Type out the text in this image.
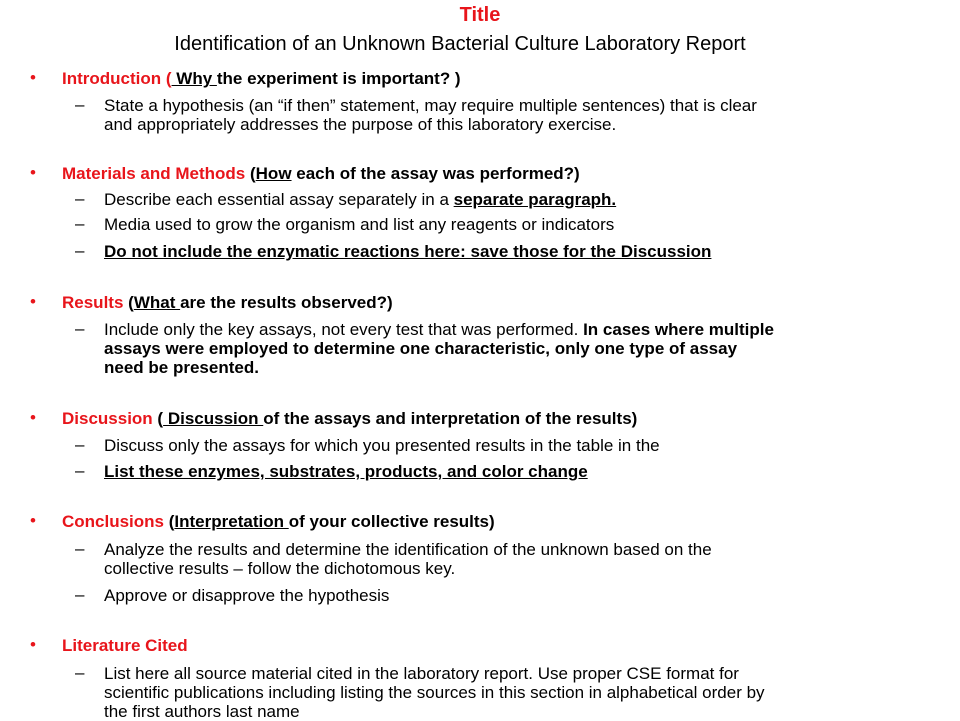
Title
Identification of an Unknown Bacterial Culture Laboratory Report
• Introduction ( Why the experiment is important? )
– State a hypothesis (an “if then” statement, may require multiple sentences) that is clear
and appropriately addresses the purpose of this laboratory exercise.
• Materials and Methods (How each of the assay was performed?)
– Describe each essential assay separately in a separate paragraph.
– Media used to grow the organism and list any reagents or indicators
– Do not include the enzymatic reactions here: save those for the Discussion
• Results (What are the results observed?)
– Include only the key assays, not every test that was performed. In cases where multiple
assays were employed to determine one characteristic, only one type of assay
need be presented.
• Discussion ( Discussion of the assays and interpretation of the results)
– Discuss only the assays for which you presented results in the table in the
– List these enzymes, substrates, products, and color change
• Conclusions (Interpretation of your collective results)
– Analyze the results and determine the identification of the unknown based on the
collective results – follow the dichotomous key.
– Approve or disapprove the hypothesis
• Literature Cited
– List here all source material cited in the laboratory report. Use proper CSE format for
scientific publications including listing the sources in this section in alphabetical order by
the first authors last name
